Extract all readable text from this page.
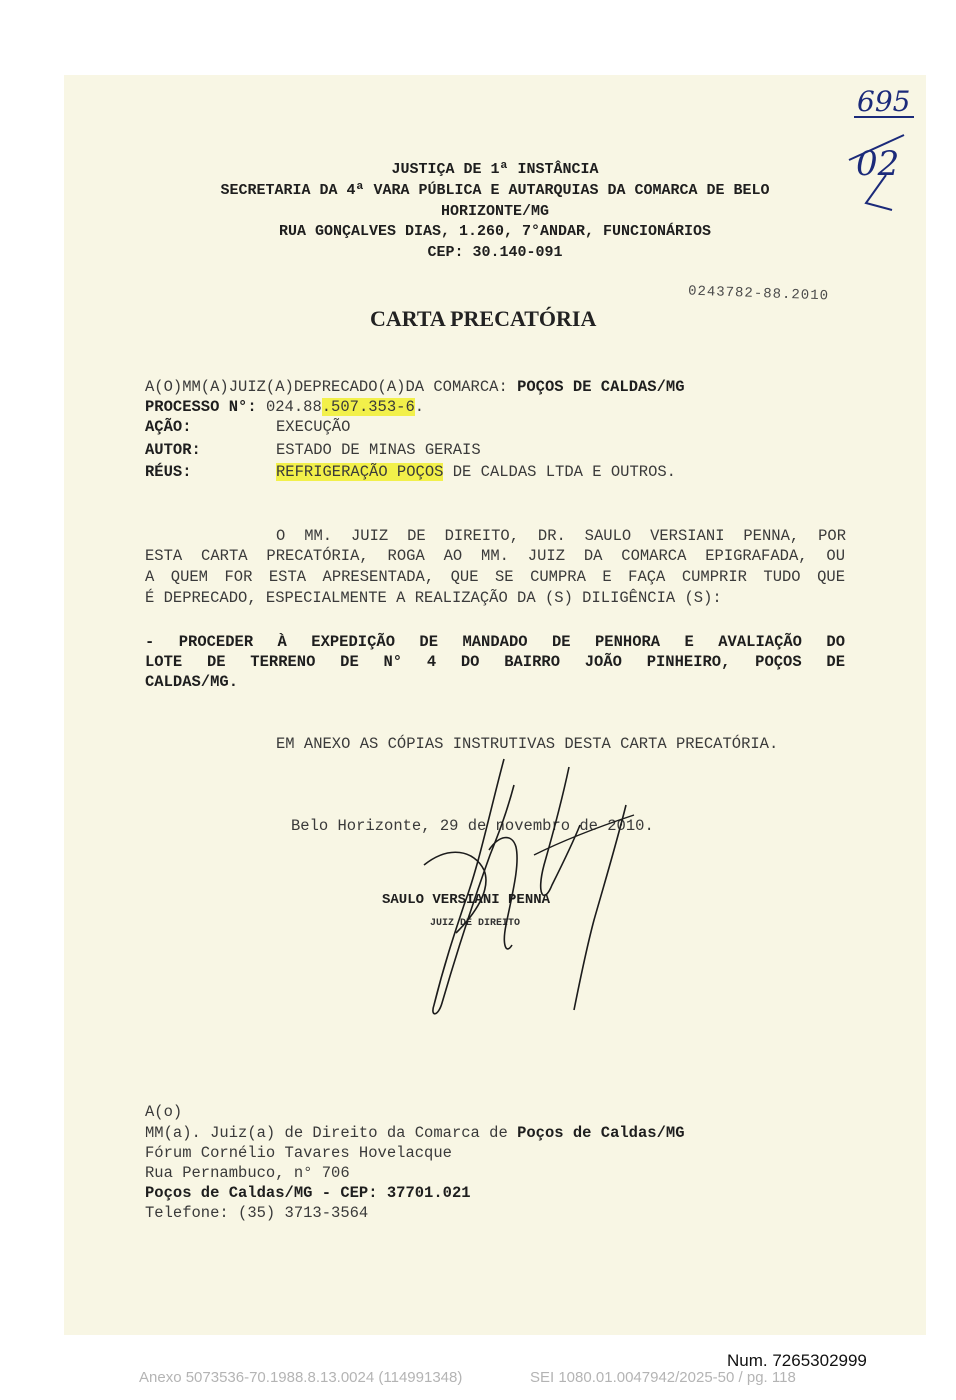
695
02
JUSTIÇA DE 1ª INSTÂNCIA
SECRETARIA DA 4ª VARA PÚBLICA E AUTARQUIAS DA COMARCA DE BELO
HORIZONTE/MG
RUA GONÇALVES DIAS, 1.260, 7°ANDAR, FUNCIONÁRIOS
CEP: 30.140-091
0243782-88.2010
CARTA PRECATÓRIA
A(O)MM(A)JUIZ(A)DEPRECADO(A)DA COMARCA: POÇOS DE CALDAS/MG
PROCESSO N°: 024.88.507.353-6.
AÇÃO:	EXECUÇÃO
AUTOR:	ESTADO DE MINAS GERAIS
RÉUS:	REFRIGERAÇÃO POÇOS DE CALDAS LTDA E OUTROS.
O MM. JUIZ DE DIREITO, DR. SAULO VERSIANI PENNA, POR
ESTA CARTA PRECATÓRIA, ROGA AO MM. JUIZ DA COMARCA EPIGRAFADA, OU
A QUEM FOR ESTA APRESENTADA, QUE SE CUMPRA E FAÇA CUMPRIR TUDO QUE
É DEPRECADO, ESPECIALMENTE A REALIZAÇÃO DA (S) DILIGÊNCIA (S):
- PROCEDER À EXPEDIÇÃO DE MANDADO DE PENHORA E AVALIAÇÃO DO
LOTE DE TERRENO DE N° 4 DO BAIRRO JOÃO PINHEIRO, POÇOS DE
CALDAS/MG.
EM ANEXO AS CÓPIAS INSTRUTIVAS DESTA CARTA PRECATÓRIA.
Belo Horizonte, 29 de novembro de 2010.
SAULO VERSIANI PENNA
JUIZ DE DIREITO
A(o)
MM(a). Juiz(a) de Direito da Comarca de Poços de Caldas/MG
Fórum Cornélio Tavares Hovelacque
Rua Pernambuco, n° 706
Poços de Caldas/MG - CEP: 37701.021
Telefone: (35) 3713-3564
Num. 7265302999
Anexo 5073536-70.1988.8.13.0024 (114991348)	SEI 1080.01.0047942/2025-50 / pg. 118
